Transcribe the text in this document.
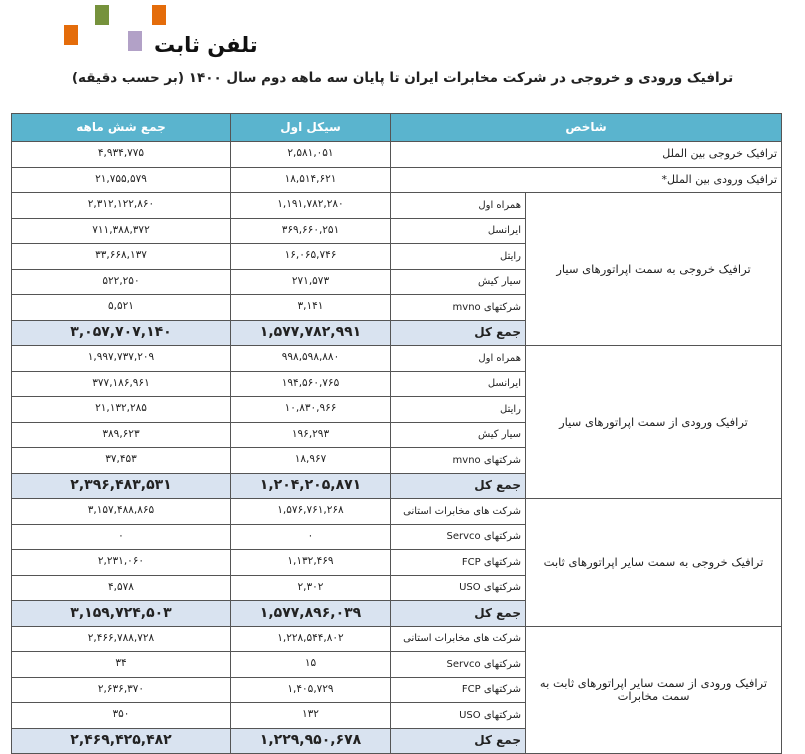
تلفن ثابت
ترافیک ورودی و خروجی در شرکت مخابرات ایران تا پایان سه ماهه دوم سال ۱۴۰۰ (بر حسب دقیقه)
جمع شش ماهه	سیکل اول	شاخص	
۴,۹۳۴,۷۷۵	۲,۵۸۱,۰۵۱	ترافیک خروجی بین الملل	
۲۱,۷۵۵,۵۷۹	۱۸,۵۱۴,۶۲۱	ترافیک ورودی بین الملل*	
۲,۳۱۲,۱۲۲,۸۶۰	۱,۱۹۱,۷۸۲,۲۸۰	همراه اول	ترافیک خروجی به سمت اپراتورهای سیار
۷۱۱,۳۸۸,۳۷۲	۳۶۹,۶۶۰,۲۵۱	ایرانسل	
۳۳,۶۶۸,۱۳۷	۱۶,۰۶۵,۷۴۶	رایتل	
۵۲۲,۲۵۰	۲۷۱,۵۷۳	سیار کیش	
۵,۵۲۱	۳,۱۴۱	شرکتهای mvno	
۳,۰۵۷,۷۰۷,۱۴۰	۱,۵۷۷,۷۸۲,۹۹۱	جمع کل	
۱,۹۹۷,۷۳۷,۲۰۹	۹۹۸,۵۹۸,۸۸۰	همراه اول	ترافیک ورودی از سمت اپراتورهای سیار
۳۷۷,۱۸۶,۹۶۱	۱۹۴,۵۶۰,۷۶۵	ایرانسل	
۲۱,۱۳۲,۲۸۵	۱۰,۸۳۰,۹۶۶	رایتل	
۳۸۹,۶۲۳	۱۹۶,۲۹۳	سیار کیش	
۳۷,۴۵۳	۱۸,۹۶۷	شرکتهای mvno	
۲,۳۹۶,۴۸۳,۵۳۱	۱,۲۰۴,۲۰۵,۸۷۱	جمع کل	
۳,۱۵۷,۴۸۸,۸۶۵	۱,۵۷۶,۷۶۱,۲۶۸	شرکت های مخابرات استانی	ترافیک خروجی به سمت سایر اپراتورهای ثابت
۰	۰	شرکتهای Servco	
۲,۲۳۱,۰۶۰	۱,۱۳۲,۴۶۹	شرکتهای FCP	
۴,۵۷۸	۲,۳۰۲	شرکتهای USO	
۳,۱۵۹,۷۲۴,۵۰۳	۱,۵۷۷,۸۹۶,۰۳۹	جمع کل	
۲,۴۶۶,۷۸۸,۷۲۸	۱,۲۲۸,۵۴۴,۸۰۲	شرکت های مخابرات استانی	ترافیک ورودی از سمت سایر اپراتورهای ثابت به سمت مخابرات
۳۴	۱۵	شرکتهای Servco	
۲,۶۳۶,۳۷۰	۱,۴۰۵,۷۲۹	شرکتهای FCP	
۳۵۰	۱۳۲	شرکتهای USO	
۲,۴۶۹,۴۲۵,۴۸۲	۱,۲۲۹,۹۵۰,۶۷۸	جمع کل	
